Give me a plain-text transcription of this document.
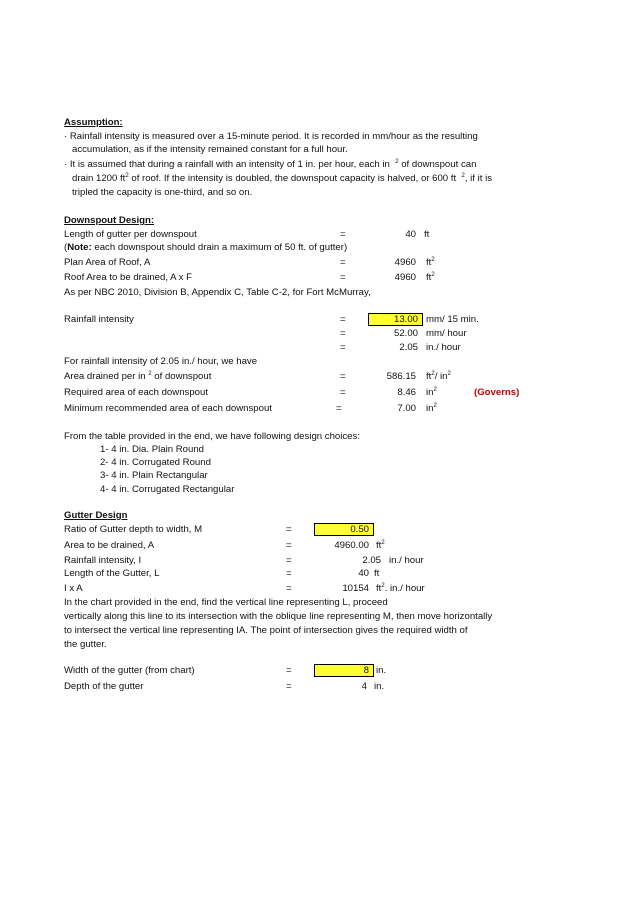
Assumption:
· Rainfall intensity is measured over a 15-minute period. It is recorded in mm/hour as the resulting
accumulation, as if the intensity remained constant for a full hour.
· It is assumed that during a rainfall with an intensity of 1 in. per hour, each in $^2$ of downspout can
drain 1200 $ft^2$ of roof. If the intensity is doubled, the downspout capacity is halved, or 600 ft $^2$, if it is
tripled the capacity is one-third, and so on.
Downspout Design:
Length of gutter per downspout	=	40 ft
(Note: each downspout should drain a maximum of 50 ft. of gutter)
Plan Area of Roof, A	=	4960 $ft^2$
Roof Area to be drained, A x F	=	4960 $ft^2$
As per NBC 2010, Division B, Appendix C, Table C-2, for Fort McMurray,
Rainfall intensity	=	13.00 mm/ 15 min.
=	52.00 mm/ hour
=	2.05 in./ hour
For rainfall intensity of 2.05 in./ hour, we have
Area drained per in $^2$ of downspout	=	586.15 $ft^2/$ $in^2$
Required area of each downspout	=	8.46 $in^2$	(Governs)
Minimum recommended area of each downspout	=	7.00 $in^2$
From the table provided in the end, we have following design choices:
1- 4 in. Dia. Plain Round
2- 4 in. Corrugated Round
3- 4 in. Plain Rectangular
4- 4 in. Corrugated Rectangular
Gutter Design
Ratio of Gutter depth to width, M	=	0.50
Area to be drained, A	=	4960.00 $ft^2$
Rainfall intensity, I	=	2.05 in./ hour
Length of the Gutter, L	=	40 ft
I x A	=	10154 $ft^2$. in./ hour
In the chart provided in the end, find the vertical line representing L, proceed
vertically along this line to its intersection with the oblique line representing M, then move horizontally
to intersect the vertical line representing IA. The point of intersection gives the required width of
the gutter.
Width of the gutter (from chart)	=	8 in.
Depth of the gutter	=	4 in.
